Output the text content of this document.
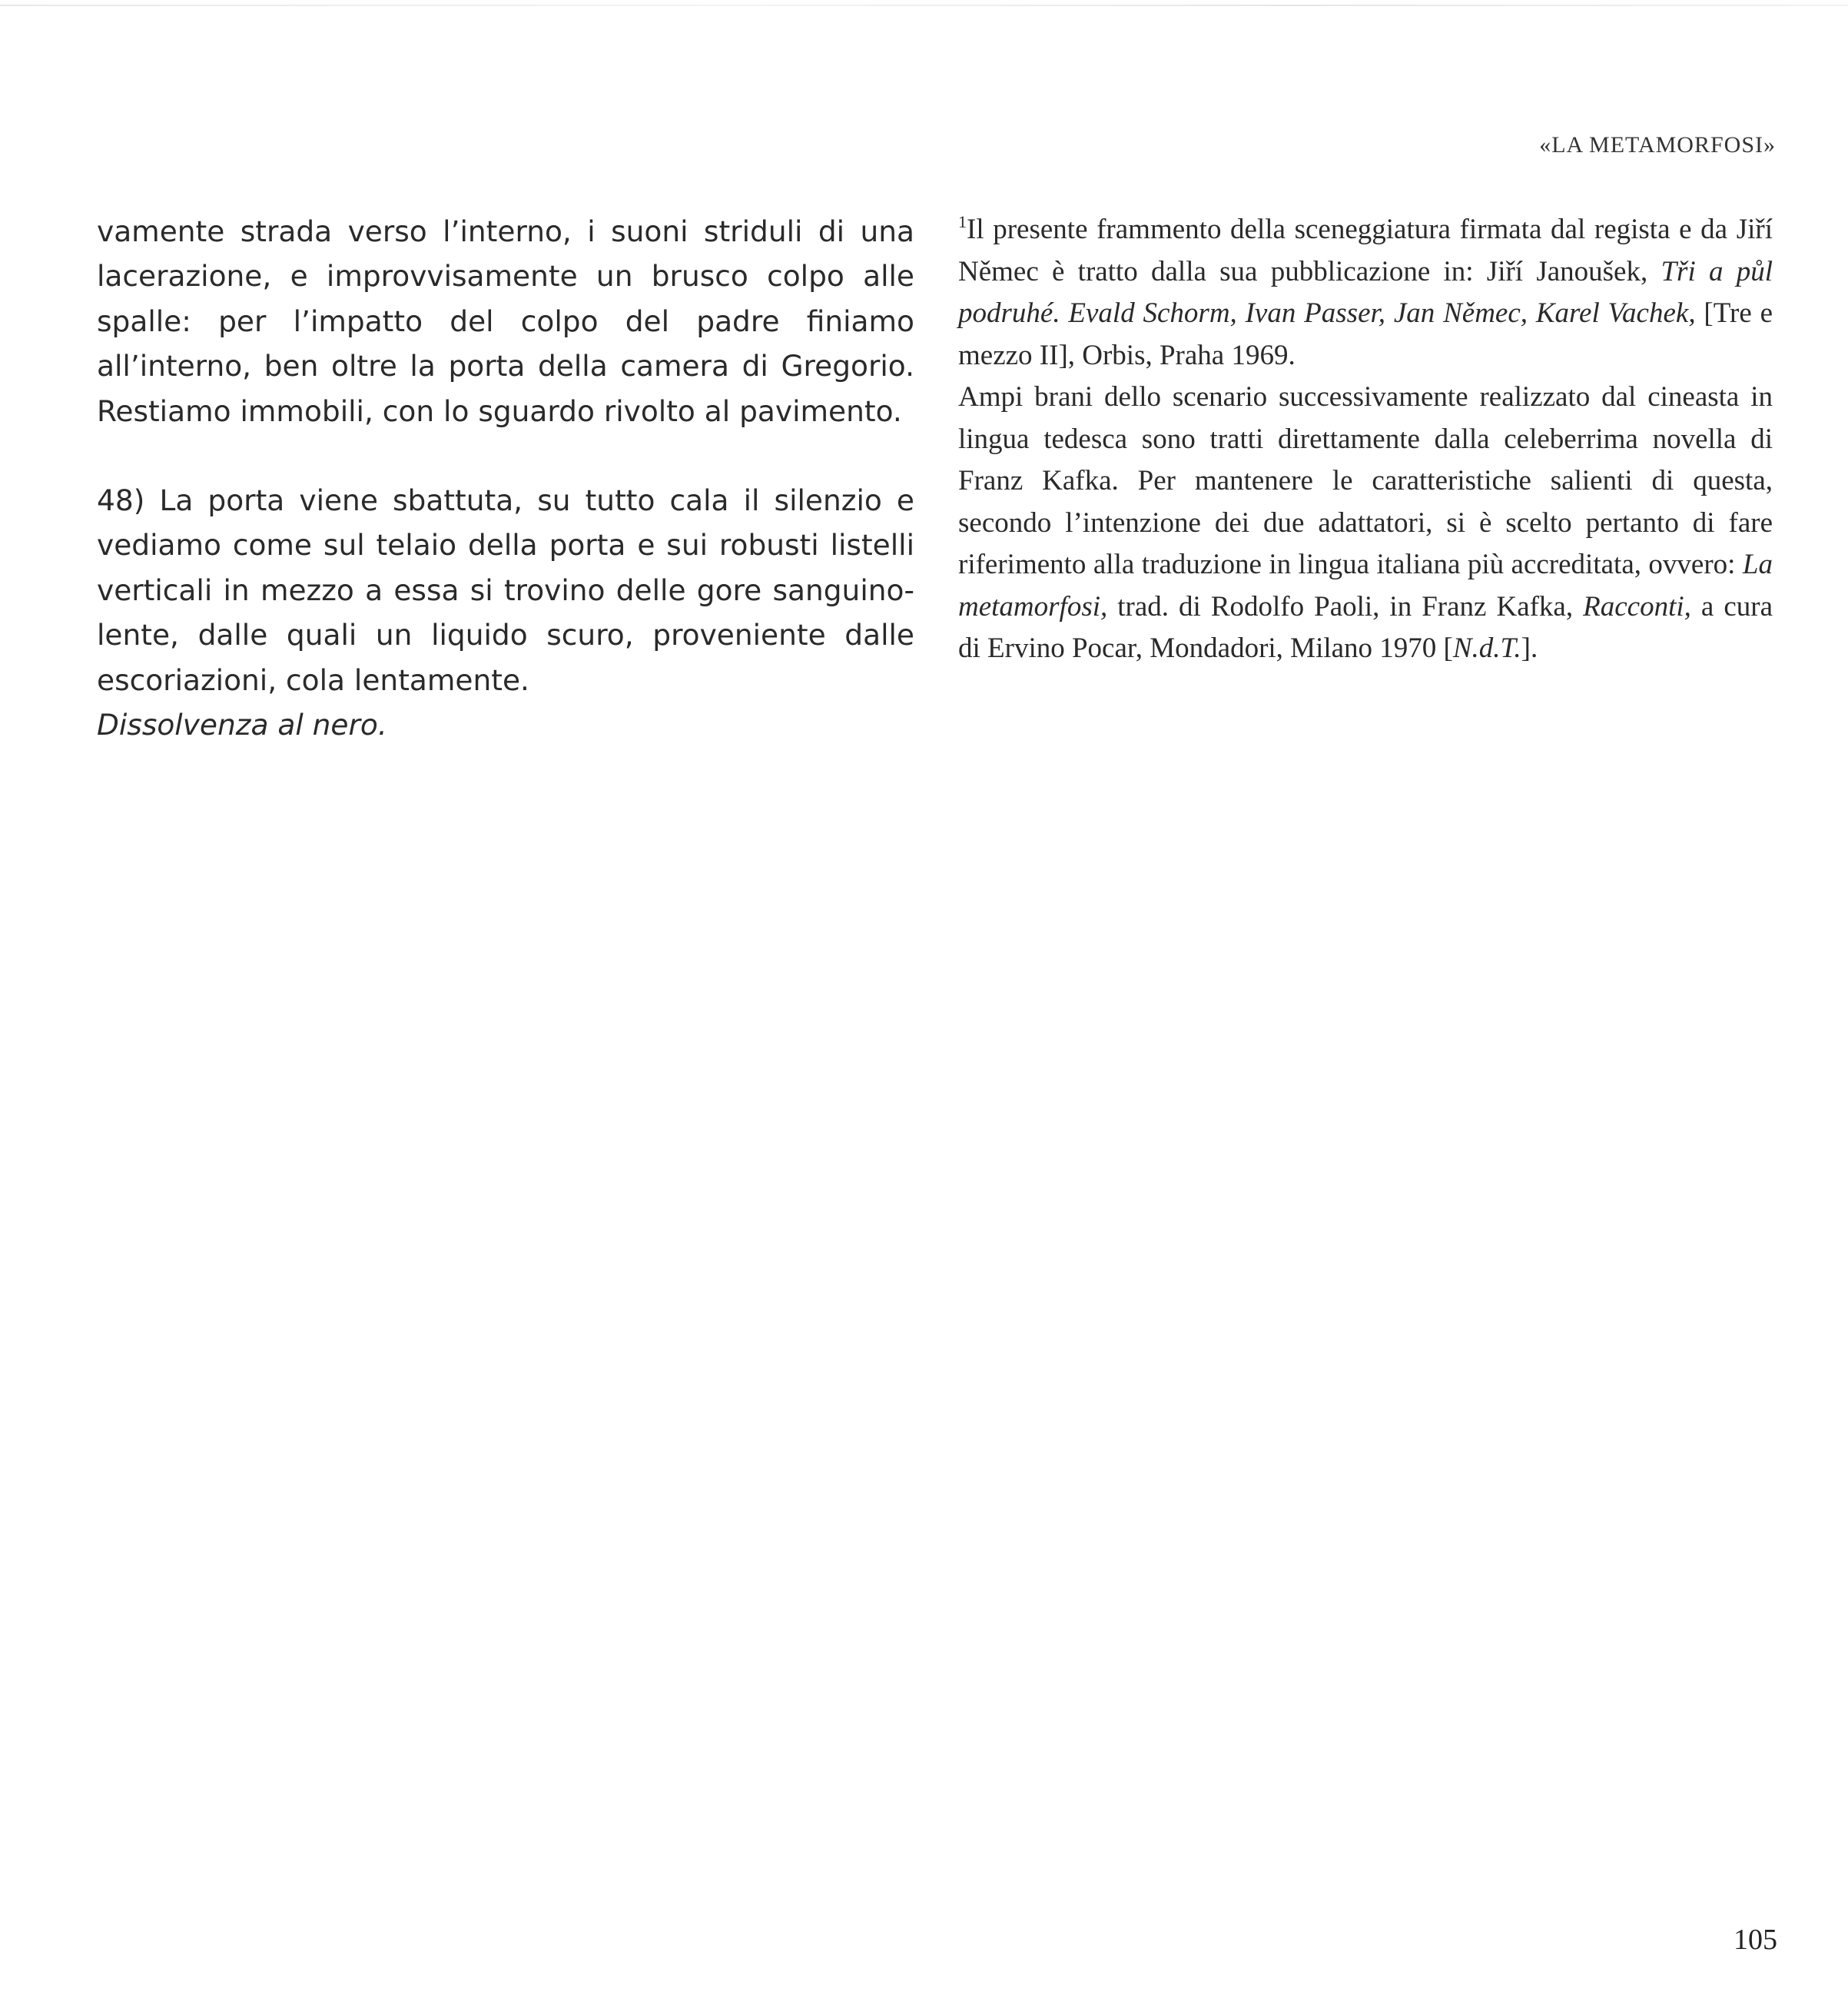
«LA METAMORFOSI»

vamente strada verso l’interno, i suoni striduli di una lacerazione, e improvvisamente un brusco colpo alle spalle: per l’impatto del colpo del padre finiamo all’interno, ben oltre la porta della camera di Gregorio. Restiamo immobili, con lo sguardo rivolto al pavimento.

48) La porta viene sbattuta, su tutto cala il silenzio e vediamo come sul telaio della porta e sui robusti listelli verticali in mezzo a essa si trovino delle gore sanguinolente, dalle quali un liquido scuro, proveniente dalle escoriazioni, cola lentamente.

Dissolvenza al nero.

$^1$Il presente frammento della sceneggiatura firmata dal regista e da Jiří Němec è tratto dalla sua pubblicazione in: Jiří Janoušek, Tři a půl podruhé. Evald Schorm, Ivan Passer, Jan Němec, Karel Vachek, [Tre e mezzo II], Orbis, Praha 1969.

Ampi brani dello scenario successivamente realizzato dal cineasta in lingua tedesca sono tratti direttamente dalla celeberrima novella di Franz Kafka. Per mantenere le caratteristiche salienti di questa, secondo l’intenzione dei due adattatori, si è scelto pertanto di fare riferimento alla traduzione in lingua italiana più accreditata, ovvero: La metamorfosi, trad. di Rodolfo Paoli, in Franz Kafka, Racconti, a cura di Ervino Pocar, Mondadori, Milano 1970 [N.d.T.].

105
